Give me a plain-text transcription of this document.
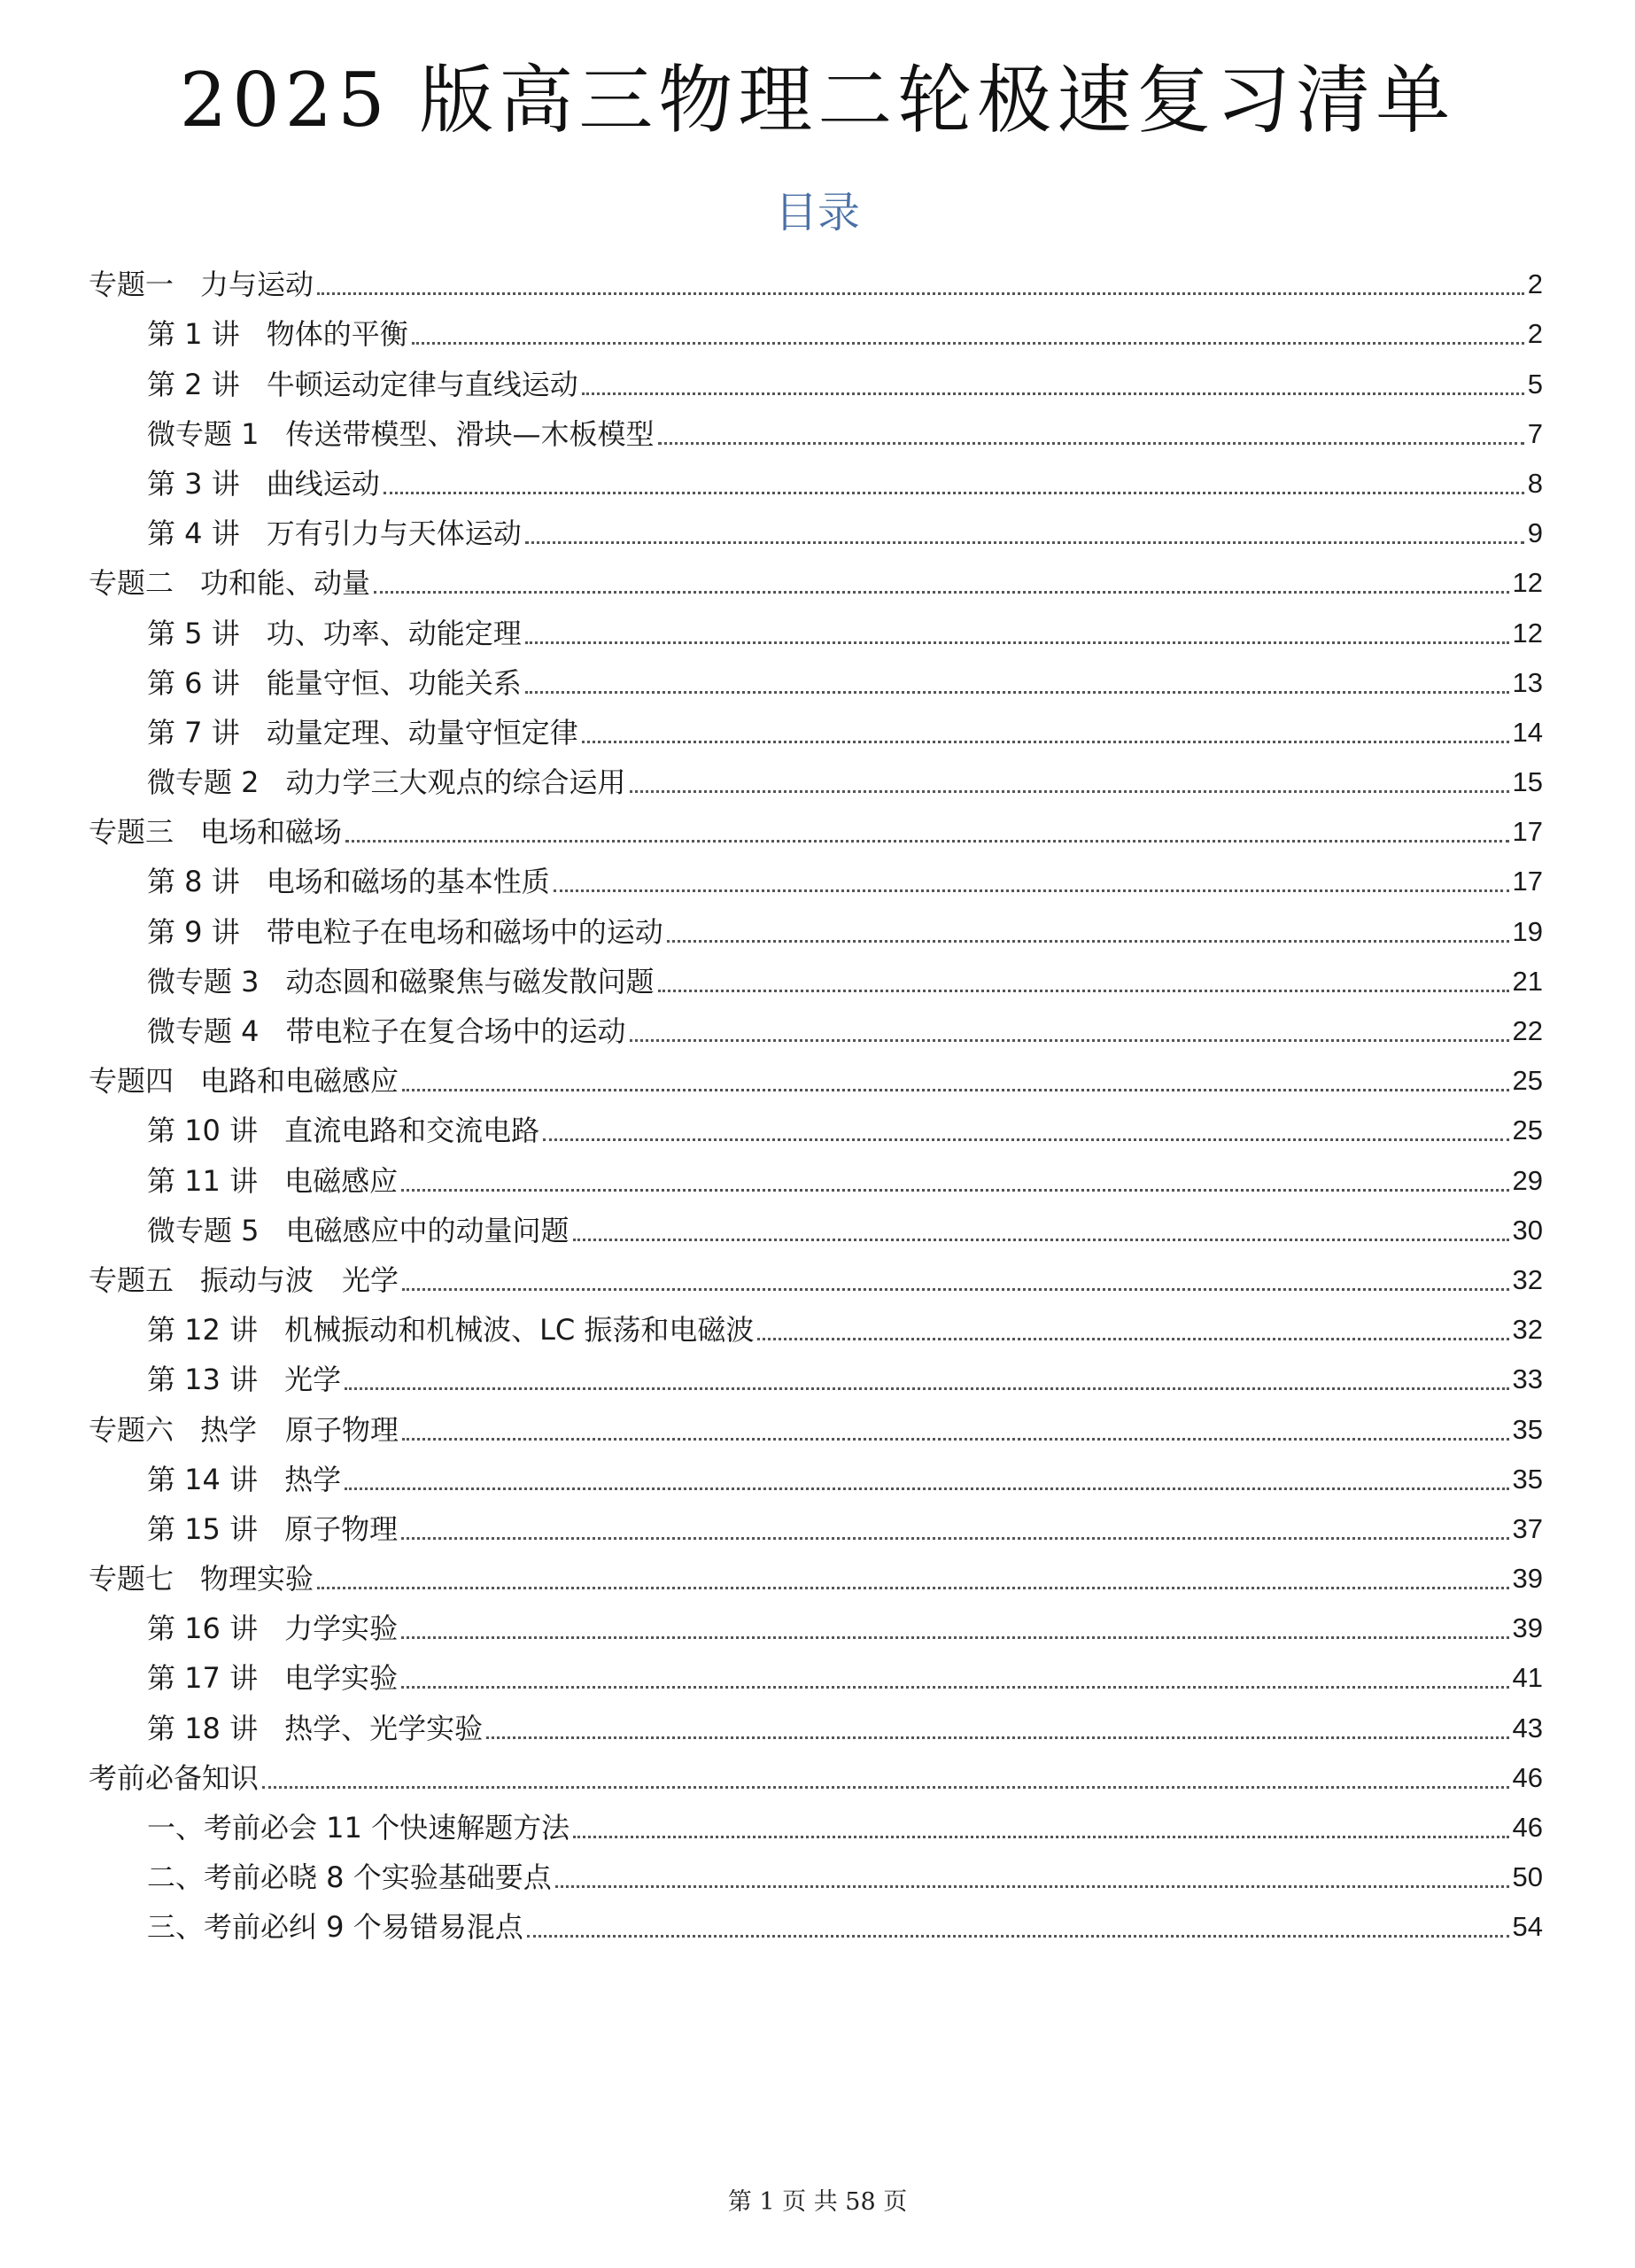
2025 版高三物理二轮极速复习清单
目录
专题一 力与运动	2
第 1 讲 物体的平衡	2
第 2 讲 牛顿运动定律与直线运动	5
微专题 1 传送带模型、滑块—木板模型	7
第 3 讲 曲线运动	8
第 4 讲 万有引力与天体运动	9
专题二 功和能、动量	12
第 5 讲 功、功率、动能定理	12
第 6 讲 能量守恒、功能关系	13
第 7 讲 动量定理、动量守恒定律	14
微专题 2 动力学三大观点的综合运用	15
专题三 电场和磁场	17
第 8 讲 电场和磁场的基本性质	17
第 9 讲 带电粒子在电场和磁场中的运动	19
微专题 3 动态圆和磁聚焦与磁发散问题	21
微专题 4 带电粒子在复合场中的运动	22
专题四 电路和电磁感应	25
第 10 讲 直流电路和交流电路	25
第 11 讲 电磁感应	29
微专题 5 电磁感应中的动量问题	30
专题五 振动与波　光学	32
第 12 讲 机械振动和机械波、LC 振荡和电磁波	32
第 13 讲 光学	33
专题六 热学　原子物理	35
第 14 讲 热学	35
第 15 讲 原子物理	37
专题七 物理实验	39
第 16 讲 力学实验	39
第 17 讲 电学实验	41
第 18 讲 热学、光学实验	43
考前必备知识	46
一、考前必会 11 个快速解题方法	46
二、考前必晓 8 个实验基础要点	50
三、考前必纠 9 个易错易混点	54
第 1 页 共 58 页
